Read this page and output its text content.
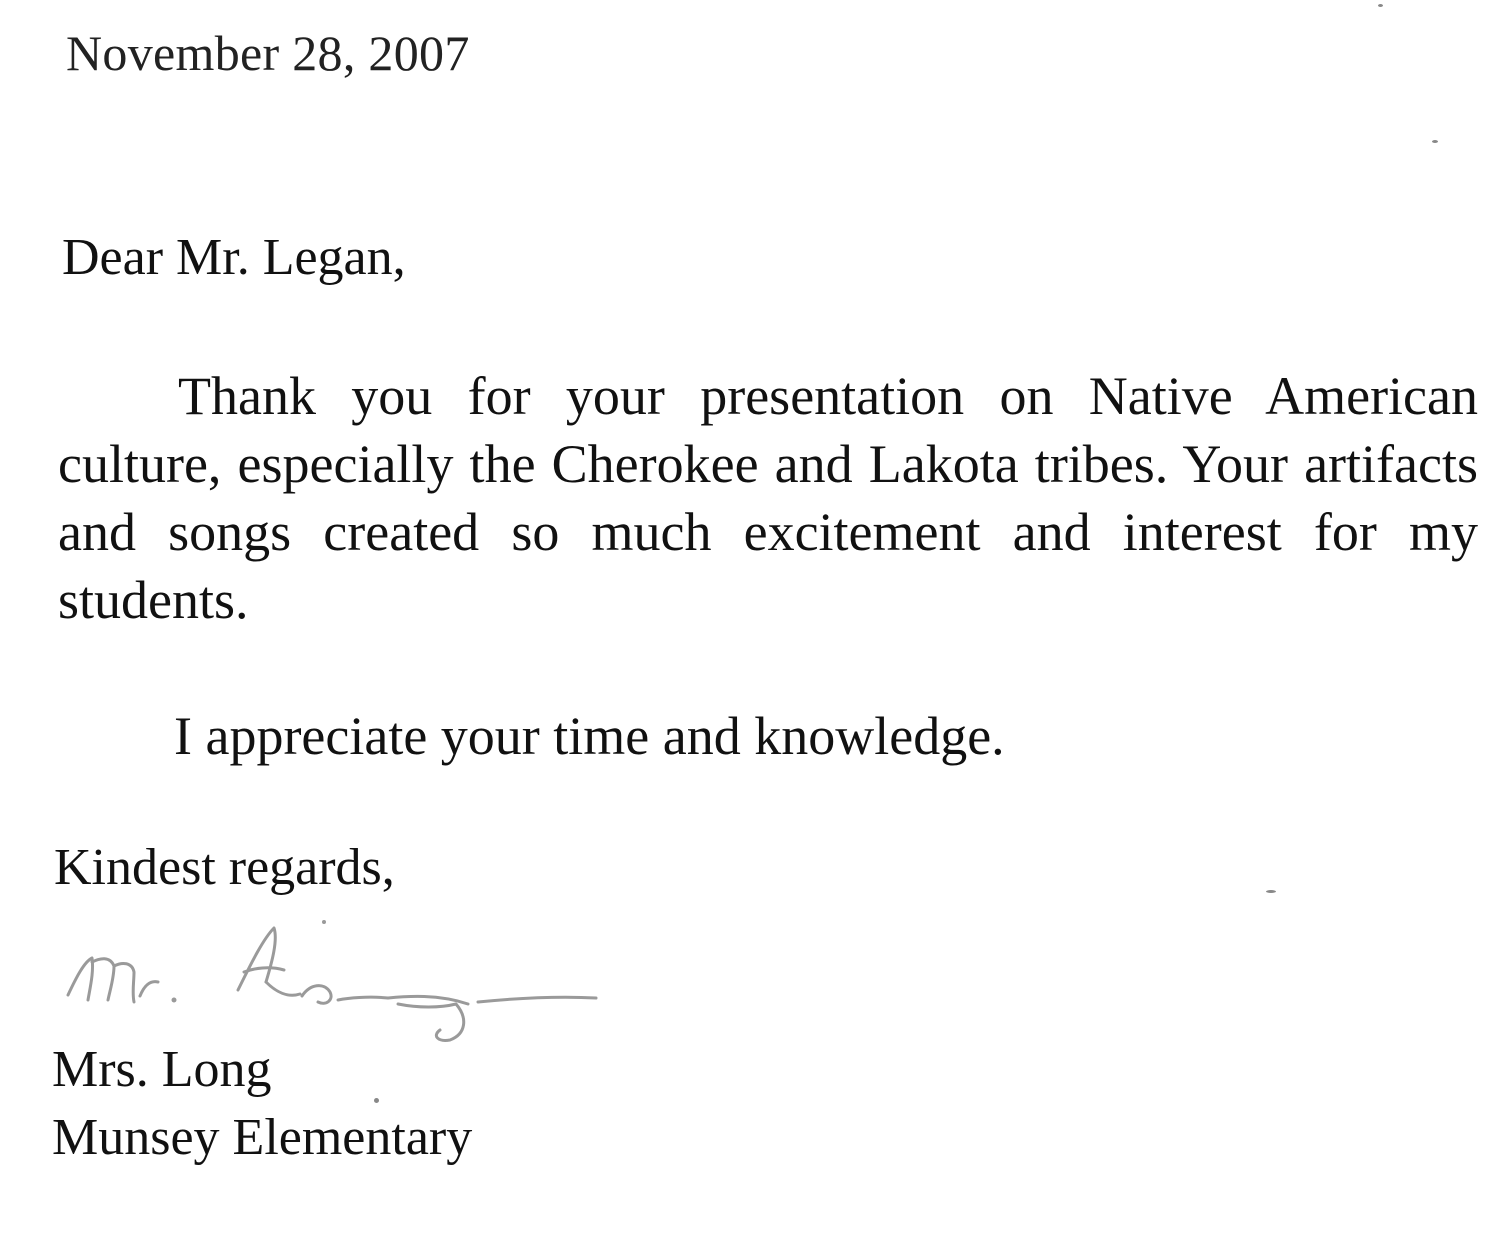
November 28, 2007
Dear Mr. Legan,

Thank you for your presentation on Native American culture, especially the Cherokee and Lakota tribes. Your artifacts and songs created so much excitement and interest for my students.

I appreciate your time and knowledge.

Kindest regards,
Mrs. Long
Munsey Elementary
